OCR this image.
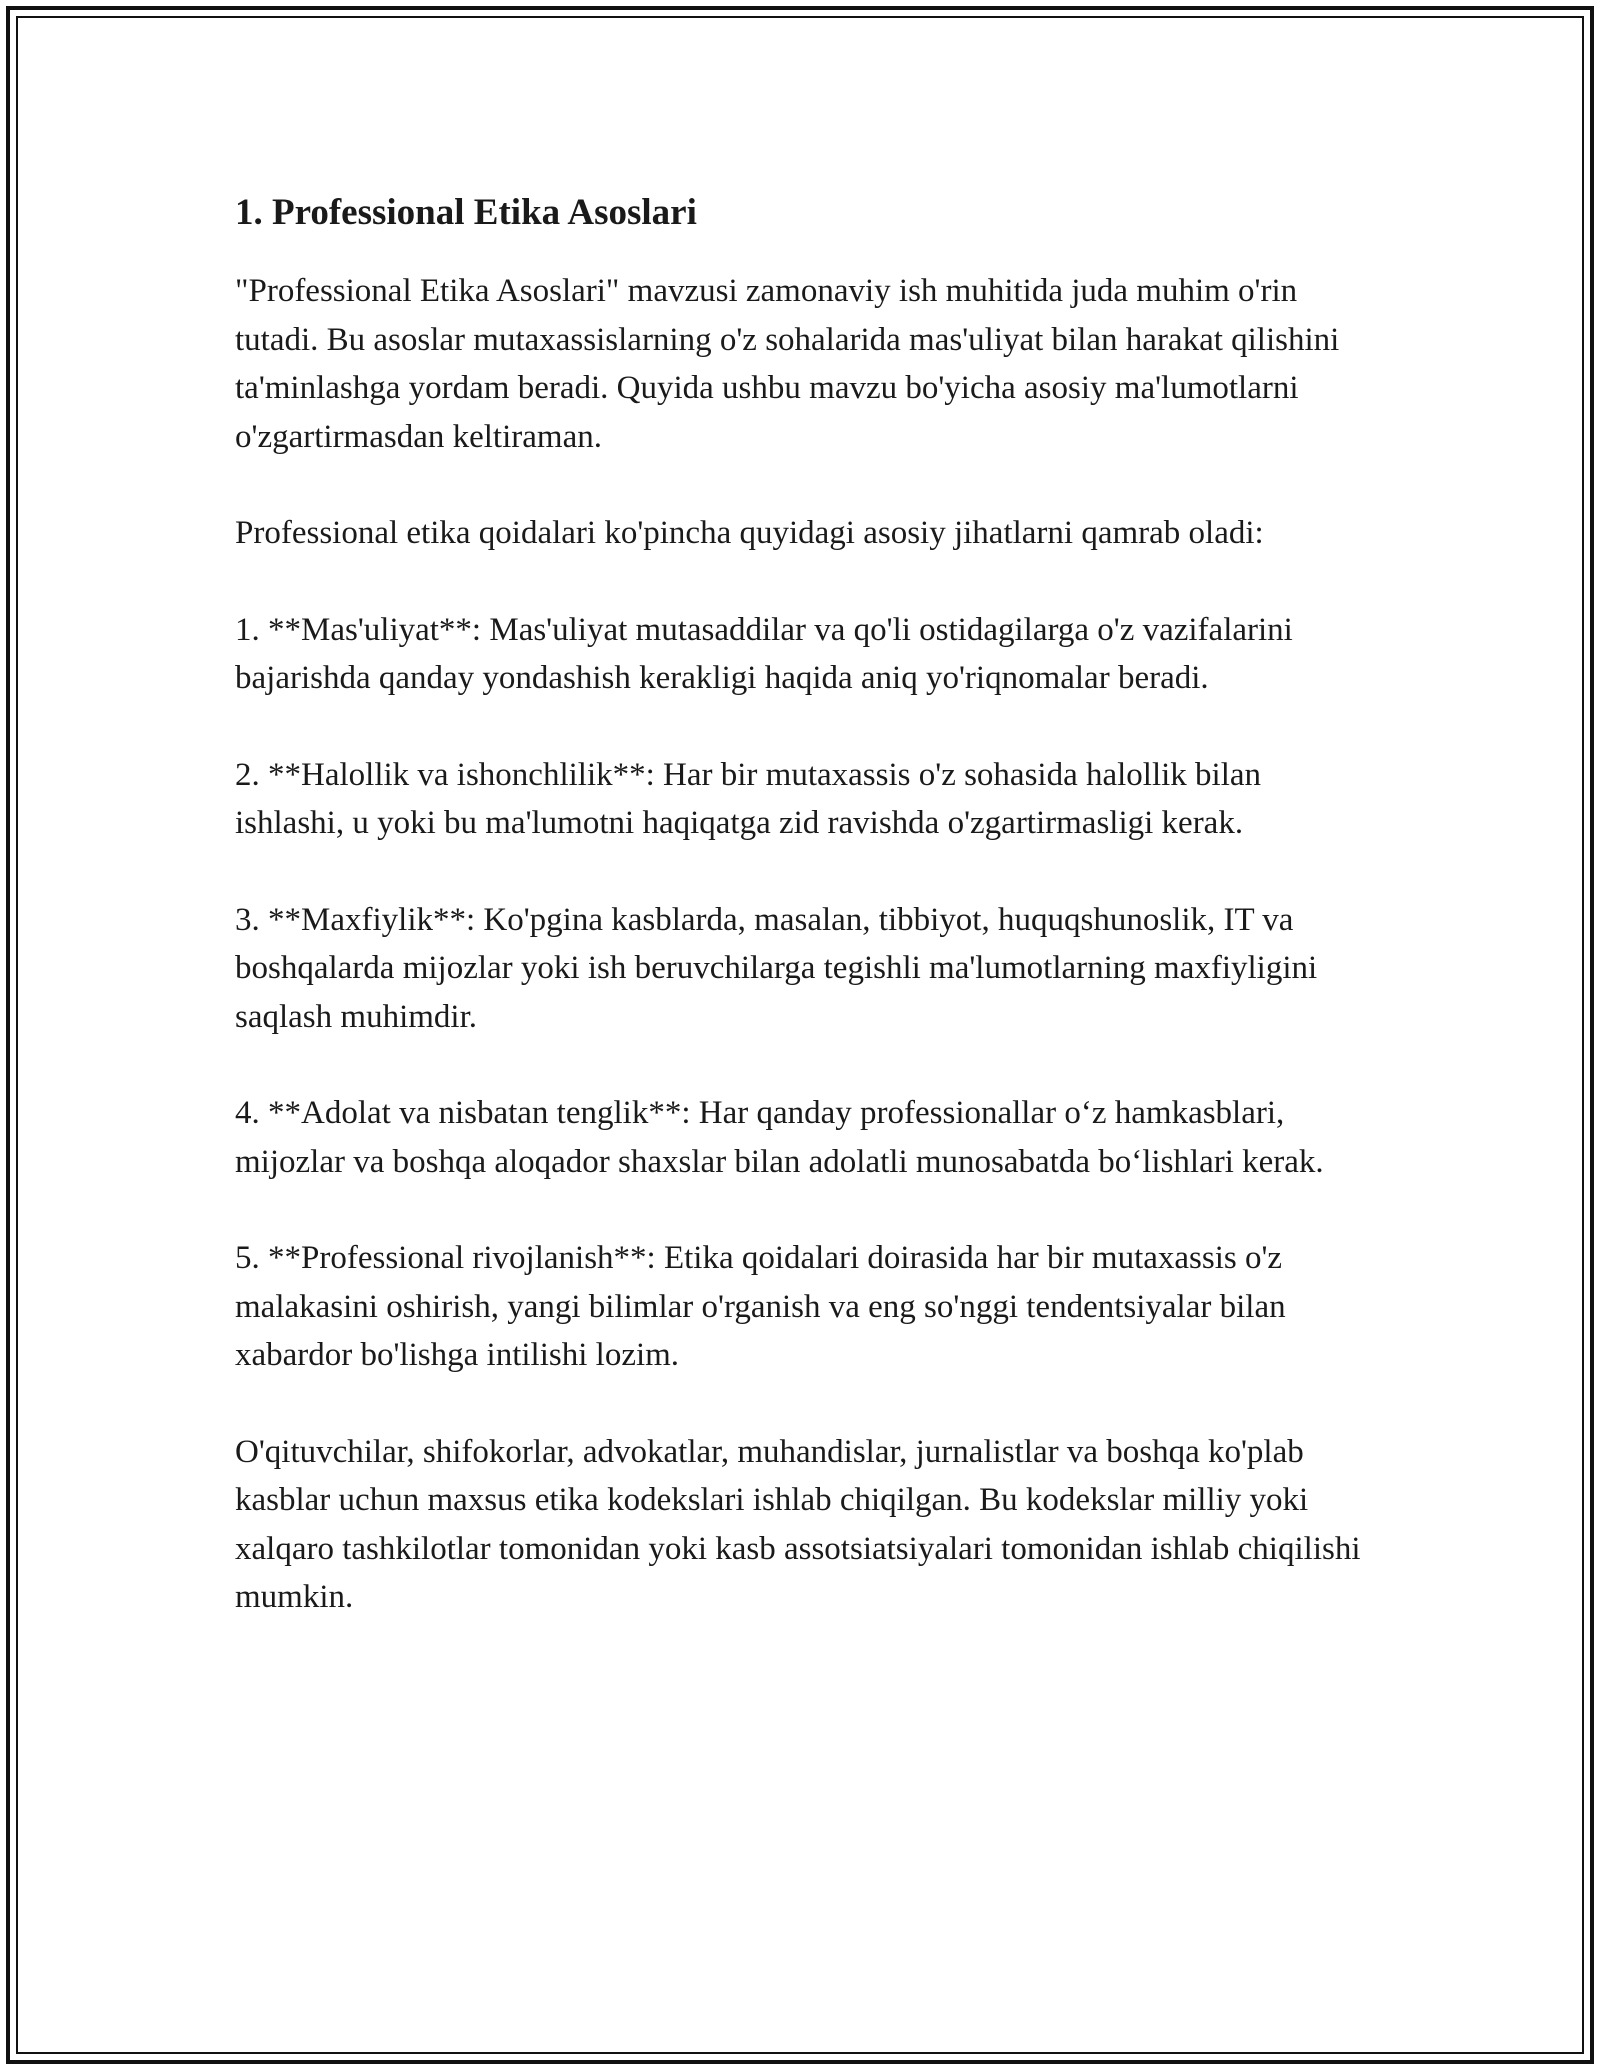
1. Professional Etika Asoslari

"Professional Etika Asoslari" mavzusi zamonaviy ish muhitida juda muhim o'rin tutadi. Bu asoslar mutaxassislarning o'z sohalarida mas'uliyat bilan harakat qilishini ta'minlashga yordam beradi. Quyida ushbu mavzu bo'yicha asosiy ma'lumotlarni o'zgartirmasdan keltiraman.

Professional etika qoidalari ko'pincha quyidagi asosiy jihatlarni qamrab oladi:

1. **Mas'uliyat**: Mas'uliyat mutasaddilar va qo'li ostidagilarga o'z vazifalarini bajarishda qanday yondashish kerakligi haqida aniq yo'riqnomalar beradi.

2. **Halollik va ishonchlilik**: Har bir mutaxassis o'z sohasida halollik bilan ishlashi, u yoki bu ma'lumotni haqiqatga zid ravishda o'zgartirmasligi kerak.

3. **Maxfiylik**: Ko'pgina kasblarda, masalan, tibbiyot, huquqshunoslik, IT va boshqalarda mijozlar yoki ish beruvchilarga tegishli ma'lumotlarning maxfiyligini saqlash muhimdir.

4. **Adolat va nisbatan tenglik**: Har qanday professionallar o‘z hamkasblari, mijozlar va boshqa aloqador shaxslar bilan adolatli munosabatda bo‘lishlari kerak.

5. **Professional rivojlanish**: Etika qoidalari doirasida har bir mutaxassis o'z malakasini oshirish, yangi bilimlar o'rganish va eng so'nggi tendentsiyalar bilan xabardor bo'lishga intilishi lozim.

O'qituvchilar, shifokorlar, advokatlar, muhandislar, jurnalistlar va boshqa ko'plab kasblar uchun maxsus etika kodekslari ishlab chiqilgan. Bu kodekslar milliy yoki xalqaro tashkilotlar tomonidan yoki kasb assotsiatsiyalari tomonidan ishlab chiqilishi mumkin.
